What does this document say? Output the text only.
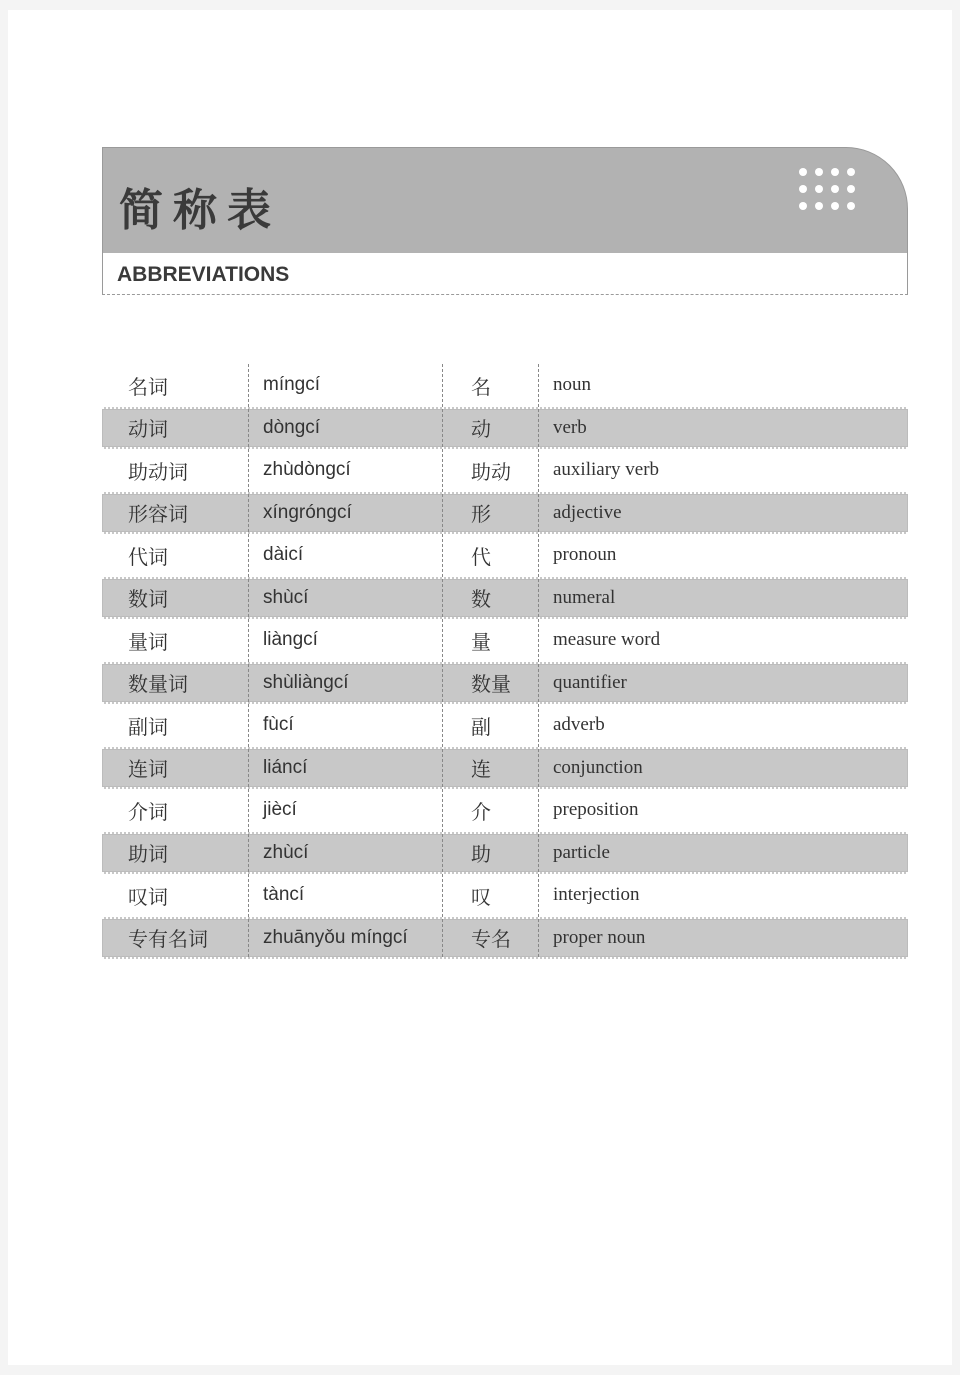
简称表
ABBREVIATIONS
名词	míngcí	名	noun
动词	dòngcí	动	verb
助动词	zhùdòngcí	助动	auxiliary verb
形容词	xíngróngcí	形	adjective
代词	dàicí	代	pronoun
数词	shùcí	数	numeral
量词	liàngcí	量	measure word
数量词	shùliàngcí	数量	quantifier
副词	fùcí	副	adverb
连词	liáncí	连	conjunction
介词	jiècí	介	preposition
助词	zhùcí	助	particle
叹词	tàncí	叹	interjection
专有名词	zhuānyǒu míngcí	专名	proper noun
